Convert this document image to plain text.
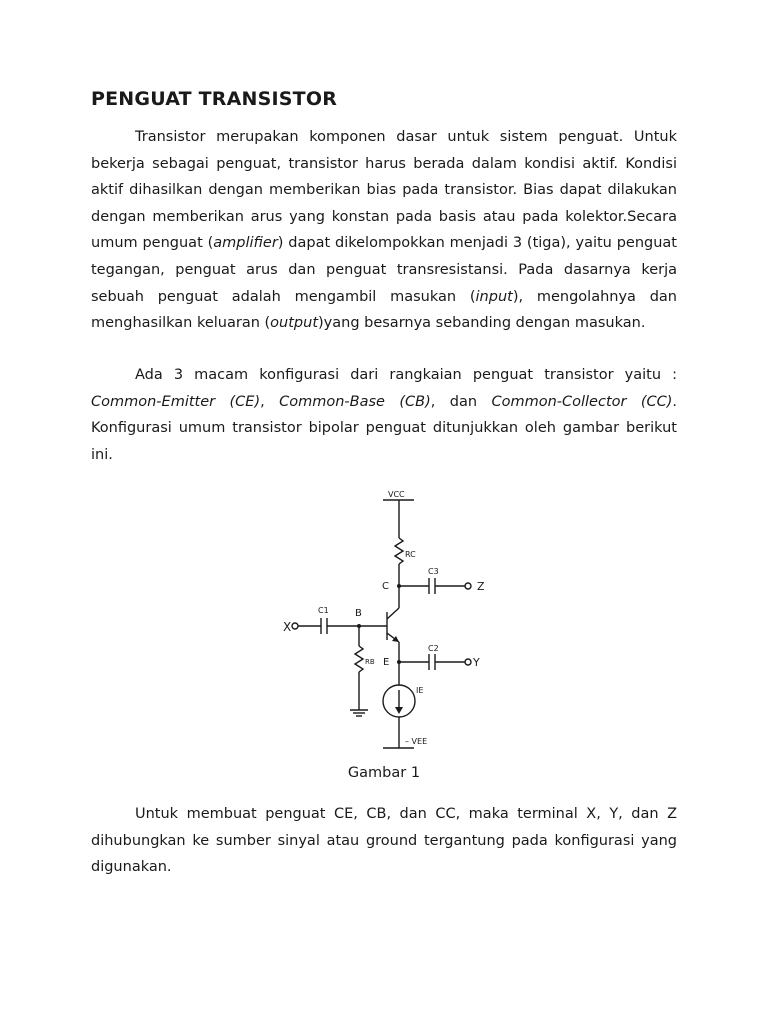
PENGUAT TRANSISTOR

Transistor merupakan komponen dasar untuk sistem penguat. Untuk bekerja sebagai penguat, transistor harus berada dalam kondisi aktif. Kondisi aktif dihasilkan dengan memberikan bias pada transistor. Bias dapat dilakukan dengan memberikan arus yang konstan pada basis atau pada kolektor.Secara umum penguat (amplifier) dapat dikelompokkan menjadi 3 (tiga), yaitu penguat tegangan, penguat arus dan penguat transresistansi. Pada dasarnya kerja sebuah penguat adalah mengambil masukan (input), mengolahnya dan menghasilkan keluaran (output)yang besarnya sebanding dengan masukan.

Ada 3 macam konfigurasi dari rangkaian penguat transistor yaitu : Common-Emitter (CE), Common-Base (CB), dan Common-Collector (CC). Konfigurasi umum transistor bipolar penguat ditunjukkan oleh gambar berikut ini.

VCC
RC
C
C3
Z
C1	B
X
RB E
C2
Y
IE
– VEE
Gambar 1

Untuk membuat penguat CE, CB, dan CC, maka terminal X, Y, dan Z dihubungkan ke sumber sinyal atau ground tergantung pada konfigurasi yang digunakan.
